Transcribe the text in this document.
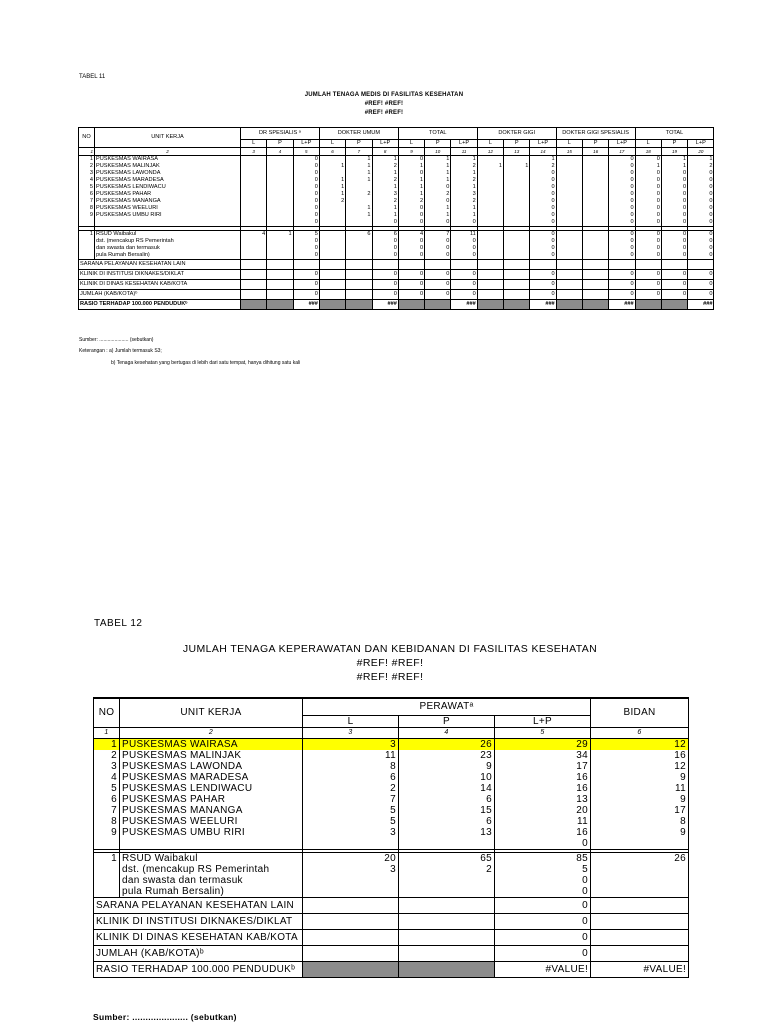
TABEL 11
JUMLAH TENAGA MEDIS DI FASILITAS KESEHATAN
#REF! #REF!
#REF! #REF!
NO	UNIT KERJA	DR SPESIALIS ᵃ			DOKTER UMUM			TOTAL			DOKTER GIGI			DOKTER GIGI SPESIALIS			TOTAL		
		L	P	L+P	L	P	L+P	L	P	L+P	L	P	L+P	L	P	L+P	L	P	L+P
1	2	3	4	5	6	7	8	9	10	11	12	13	14	15	16	17	18	19	20
1	PUSKESMAS WAIRASA			0		1	1	0	1	1			1			0	0	1	1
2	PUSKESMAS MALINJAK			0	1	1	2	1	1	2	1	1	2			0	1	1	2
3	PUSKESMAS LAWONDA			0		1	1	0	1	1			0			0	0	0	0
4	PUSKESMAS MARADESA			0	1	1	2	1	1	2			0			0	0	0	0
5	PUSKESMAS LENDIWACU			0	1		1	1	0	1			0			0	0	0	0
6	PUSKESMAS PAHAR			0	1	2	3	1	2	3			0			0	0	0	0
7	PUSKESMAS MANANGA			0	2		2	2	0	2			0			0	0	0	0
8	PUSKESMAS WEELURI			0		1	1	0	1	1			0			0	0	0	0
9	PUSKESMAS UMBU RIRI			0		1	1	0	1	1			0			0	0	0	0
				0			0	0	0	0			0			0	0	0	0

1	RSUD Waibakul	4	1	5		6	6	4	7	11			0			0	0	0	0
	dst. (mencakup RS Pemerintah			0			0	0	0	0			0			0	0	0	0
	dan swasta dan termasuk			0			0	0	0	0			0			0	0	0	0
	pula Rumah Bersalin)			0			0	0	0	0			0			0	0	0	0
SARANA PELAYANAN KESEHATAN LAIN																			
KLINIK DI INSTITUSI DIKNAKES/DIKLAT				0			0	0	0	0			0			0	0	0	0
KLINIK DI DINAS KESEHATAN KAB/KOTA				0			0	0	0	0			0			0	0	0	0
JUMLAH (KAB/KOTA)ᵇ				0			0	0	0	0			0			0	0	0	0
RASIO TERHADAP 100.000 PENDUDUKᵇ				###			###			###			###			###			###
Sumber: ..................... (sebutkan)
Keterangan : a) Jumlah termasuk S3;
b) Tenaga kesehatan yang bertugas di lebih dari satu tempat, hanya dihitung satu kali
TABEL 12
JUMLAH TENAGA KEPERAWATAN DAN KEBIDANAN DI FASILITAS KESEHATAN
#REF! #REF!
#REF! #REF!
NO	UNIT KERJA	PERAWATᵃ			BIDAN
		L	P	L+P	
1	2	3	4	5	6
1	PUSKESMAS WAIRASA	3	26	29	12
2	PUSKESMAS MALINJAK	11	23	34	16
3	PUSKESMAS LAWONDA	8	9	17	12
4	PUSKESMAS MARADESA	6	10	16	9
5	PUSKESMAS LENDIWACU	2	14	16	11
6	PUSKESMAS PAHAR	7	6	13	9
7	PUSKESMAS MANANGA	5	15	20	17
8	PUSKESMAS WEELURI	5	6	11	8
9	PUSKESMAS UMBU RIRI	3	13	16	9
				0	

1	RSUD Waibakul	20	65	85	26
	dst. (mencakup RS Pemerintah	3	2	5	
	dan swasta dan termasuk			0	
	pula Rumah Bersalin)			0	
SARANA PELAYANAN KESEHATAN LAIN				0	
KLINIK DI INSTITUSI DIKNAKES/DIKLAT				0	
KLINIK DI DINAS KESEHATAN KAB/KOTA				0	
JUMLAH (KAB/KOTA)ᵇ				0	
RASIO TERHADAP 100.000 PENDUDUKᵇ				#VALUE!	#VALUE!
Sumber: ..................... (sebutkan)
